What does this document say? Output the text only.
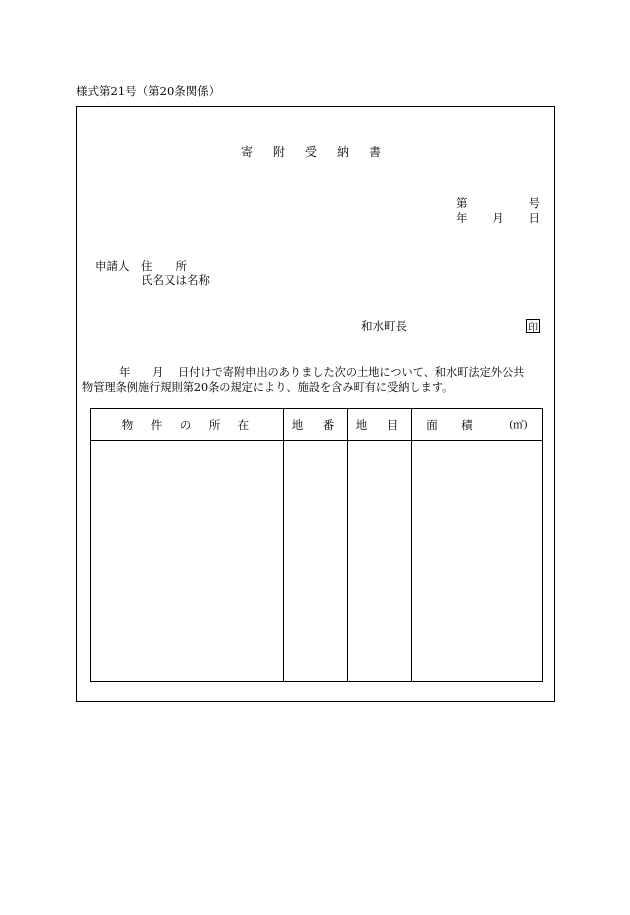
様式第21号（第20条関係）
寄　附　受　納　書
第	号
年 月 日
申請人 住　　所
氏名又は名称
和水町長	印
年 月 日付けで寄附申出のありました次の土地について、和水町法定外公共
物管理条例施行規則第20条の規定により、施設を含み町有に受納します。
物　件　の　所　在	地　番 地　目 面　積	(㎡)
